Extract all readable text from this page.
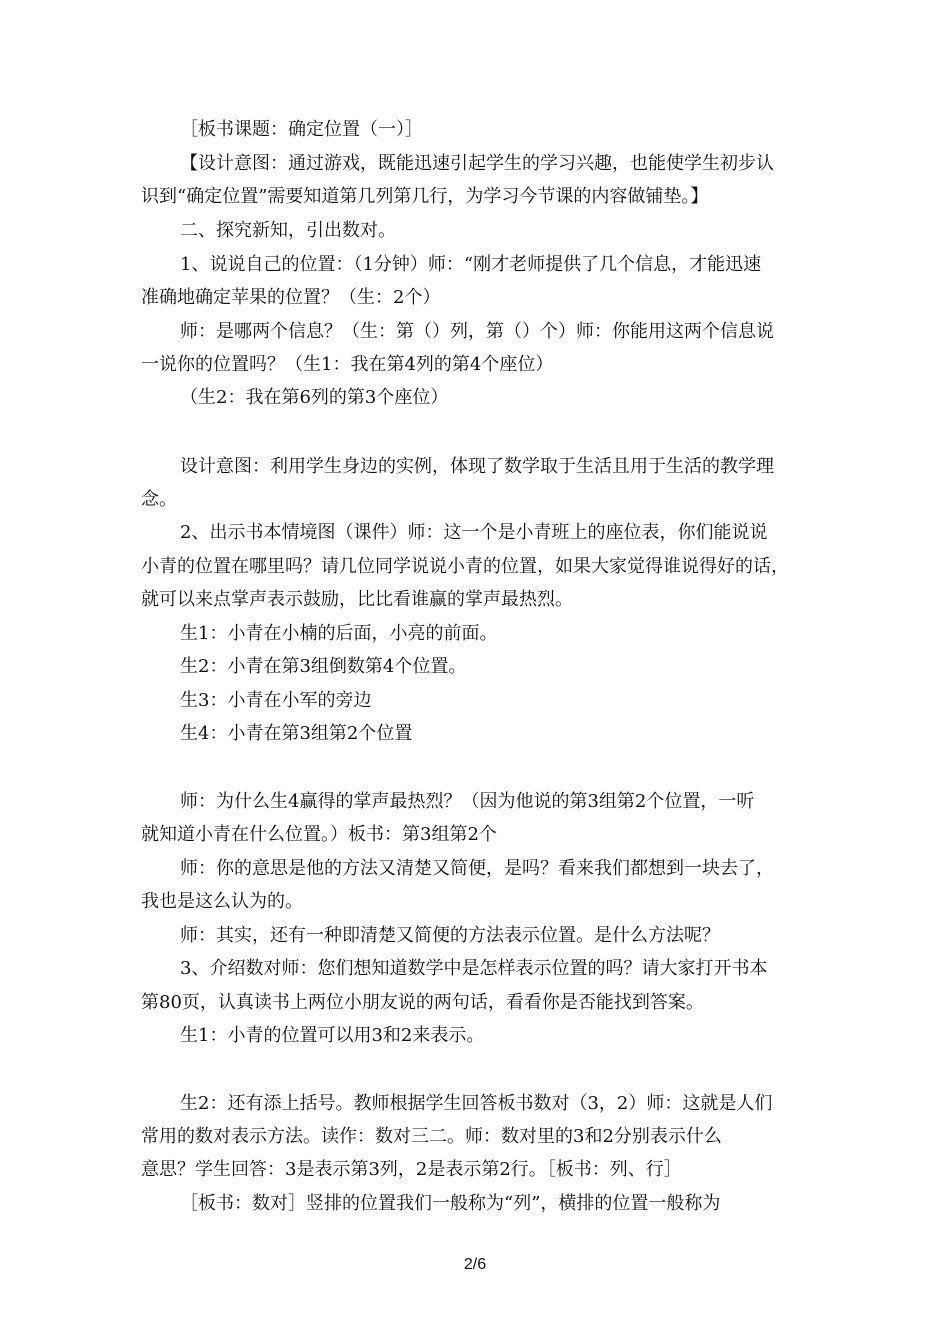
［板书课题：确定位置（一）］
【设计意图：通过游戏，既能迅速引起学生的学习兴趣，也能使学生初步认
识到“确定位置”需要知道第几列第几行，为学习今节课的内容做铺垫。】
二、探究新知，引出数对。
1、说说自己的位置：（1分钟）师：“刚才老师提供了几个信息，才能迅速
准确地确定苹果的位置？（生：2个）
师：是哪两个信息？（生：第（）列，第（）个）师：你能用这两个信息说
一说你的位置吗？（生1：我在第4列的第4个座位）
（生2：我在第6列的第3个座位）
设计意图：利用学生身边的实例，体现了数学取于生活且用于生活的教学理
念。
2、出示书本情境图（课件）师：这一个是小青班上的座位表，你们能说说
小青的位置在哪里吗？请几位同学说说小青的位置，如果大家觉得谁说得好的话，
就可以来点掌声表示鼓励，比比看谁赢的掌声最热烈。
生1：小青在小楠的后面，小亮的前面。
生2：小青在第3组倒数第4个位置。
生3：小青在小军的旁边
生4：小青在第3组第2个位置
师：为什么生4赢得的掌声最热烈？（因为他说的第3组第2个位置，一听
就知道小青在什么位置。）板书：第3组第2个
师：你的意思是他的方法又清楚又简便，是吗？看来我们都想到一块去了，
我也是这么认为的。
师：其实，还有一种即清楚又简便的方法表示位置。是什么方法呢？
3、介绍数对师：您们想知道数学中是怎样表示位置的吗？请大家打开书本
第80页，认真读书上两位小朋友说的两句话，看看你是否能找到答案。
生1：小青的位置可以用3和2来表示。
生2：还有添上括号。教师根据学生回答板书数对（3，2）师：这就是人们
常用的数对表示方法。读作：数对三二。师：数对里的3和2分别表示什么
意思？学生回答：3是表示第3列，2是表示第2行。［板书：列、行］
［板书：数对］竖排的位置我们一般称为“列”，横排的位置一般称为
2/6
